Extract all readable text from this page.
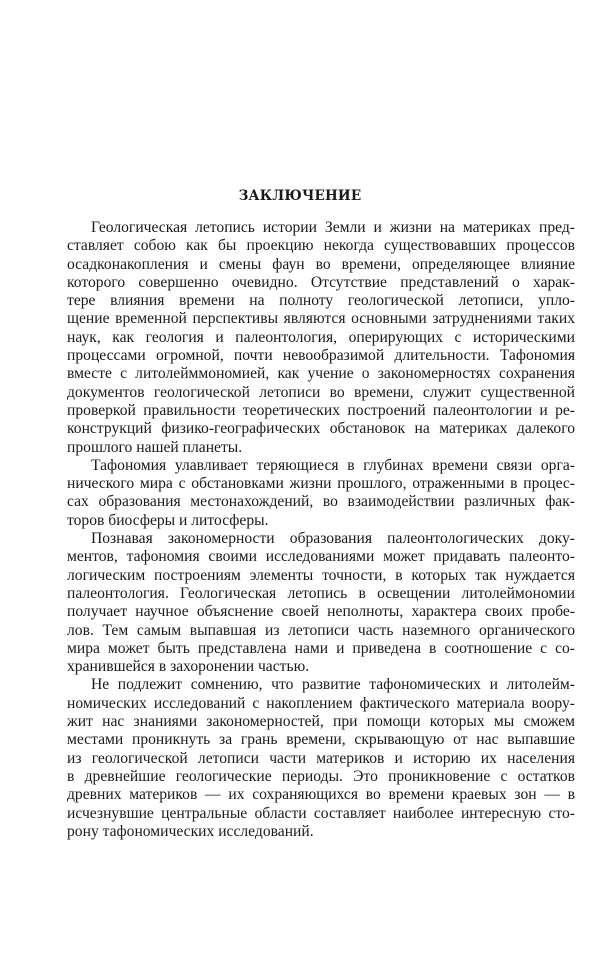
ЗАКЛЮЧЕНИЕ

Геологическая летопись истории Земли и жизни на материках пред-
ставляет собою как бы проекцию некогда существовавших процессов
осадконакопления и смены фаун во времени, определяющее влияние
которого совершенно очевидно. Отсутствие представлений о харак-
тере влияния времени на полноту геологической летописи, упло-
щение временной перспективы являются основными затруднениями таких
наук, как геология и палеонтология, оперирующих с историческими
процессами огромной, почти невообразимой длительности. Тафономия
вместе с литолейммономией, как учение о закономерностях сохранения
документов геологической летописи во времени, служит существенной
проверкой правильности теоретических построений палеонтологии и ре-
конструкций физико-географических обстановок на материках далекого
прошлого нашей планеты.

Тафономия улавливает теряющиеся в глубинах времени связи орга-
нического мира с обстановками жизни прошлого, отраженными в процес-
сах образования местонахождений, во взаимодействии различных фак-
торов биосферы и литосферы.

Познавая закономерности образования палеонтологических доку-
ментов, тафономия своими исследованиями может придавать палеонто-
логическим построениям элементы точности, в которых так нуждается
палеонтология. Геологическая летопись в освещении литолеймономии
получает научное объяснение своей неполноты, характера своих пробе-
лов. Тем самым выпавшая из летописи часть наземного органического
мира может быть представлена нами и приведена в соотношение с со-
хранившейся в захоронении частью.

Не подлежит сомнению, что развитие тафономических и литолейм-
номических исследований с накоплением фактического материала воору-
жит нас знаниями закономерностей, при помощи которых мы сможем
местами проникнуть за грань времени, скрывающую от нас выпавшие
из геологической летописи части материков и историю их населения
в древнейшие геологические периоды. Это проникновение с остатков
древних материков — их сохраняющихся во времени краевых зон — в
исчезнувшие центральные области составляет наиболее интересную сто-
рону тафономических исследований.
